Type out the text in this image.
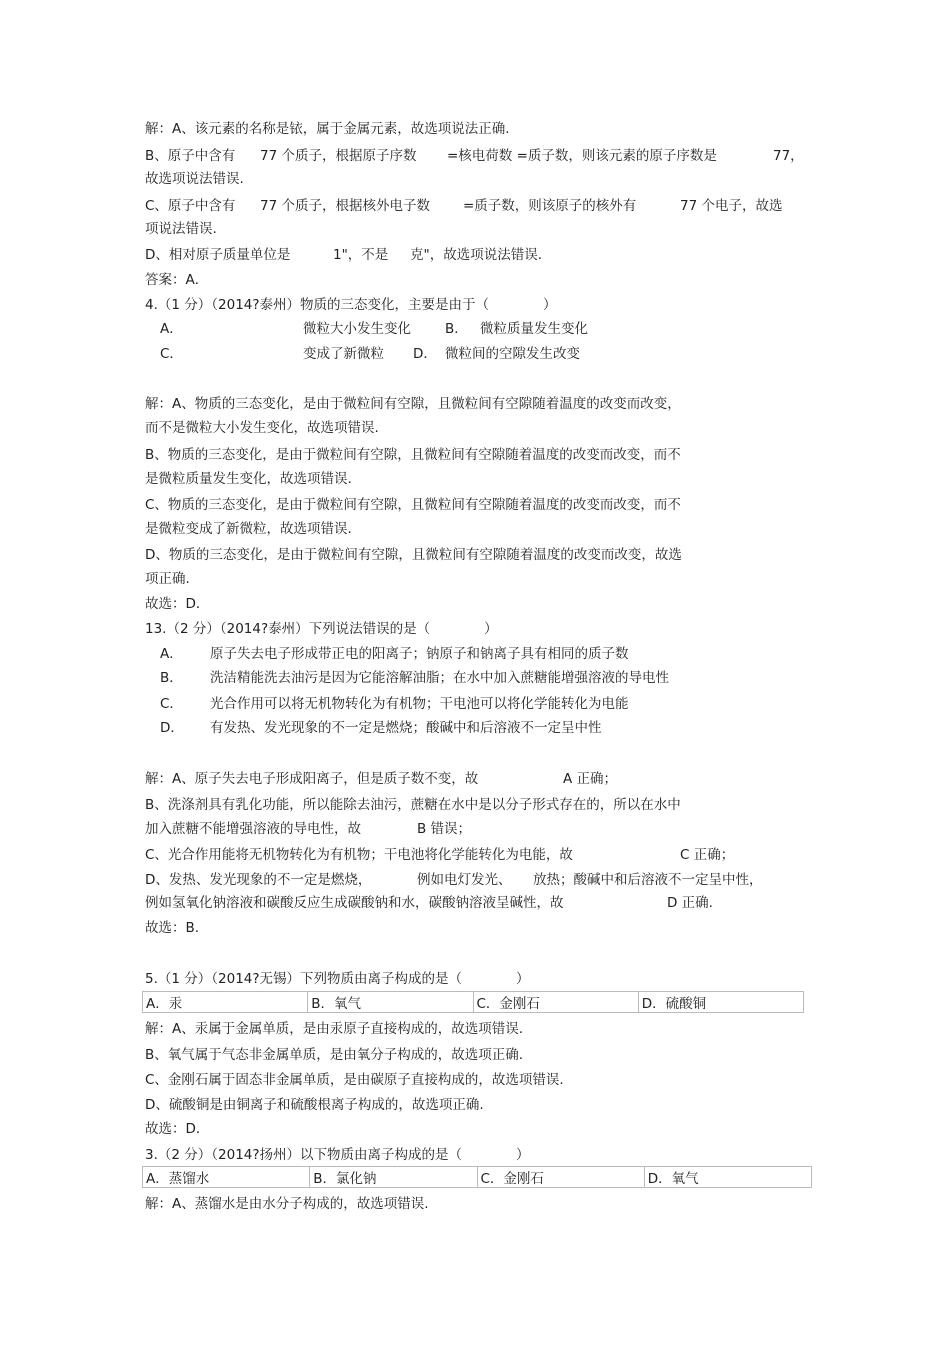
解：A、该元素的名称是铱，属于金属元素，故选项说法正确.
B、原子中含有 77 个质子，根据原子序数 =核电荷数 =质子数，则该元素的原子序数是	77，
故选项说法错误.
C、原子中含有 77 个质子，根据核外电子数 =质子数，则该原子的核外有	77 个电子，故选
项说法错误.
D、相对原子质量单位是	1"，不是 克"，故选项说法错误.
答案：A．
4.（1 分）（2014?泰州）物质的三态变化，主要是由于（　　　　）
A．	微粒大小发生变化	B． 微粒质量发生变化
C．	变成了新微粒 D． 微粒间的空隙发生改变
解：A、物质的三态变化，是由于微粒间有空隙，且微粒间有空隙随着温度的改变而改变，
而不是微粒大小发生变化，故选项错误.
B、物质的三态变化，是由于微粒间有空隙，且微粒间有空隙随着温度的改变而改变，而不
是微粒质量发生变化，故选项错误.
C、物质的三态变化，是由于微粒间有空隙，且微粒间有空隙随着温度的改变而改变，而不
是微粒变成了新微粒，故选项错误.
D、物质的三态变化，是由于微粒间有空隙，且微粒间有空隙随着温度的改变而改变，故选
项正确.
故选：D．
13.（2 分）（2014?泰州）下列说法错误的是（　　　　）
A． 原子失去电子形成带正电的阳离子；钠原子和钠离子具有相同的质子数
B． 洗洁精能洗去油污是因为它能溶解油脂；在水中加入蔗糖能增强溶液的导电性
C． 光合作用可以将无机物转化为有机物；干电池可以将化学能转化为电能
D． 有发热、发光现象的不一定是燃烧；酸碱中和后溶液不一定呈中性
解：A、原子失去电子形成阳离子，但是质子数不变，故	A 正确；
B、洗涤剂具有乳化功能，所以能除去油污，蔗糖在水中是以分子形式存在的，所以在水中
加入蔗糖不能增强溶液的导电性，故	B 错误；
C、光合作用能将无机物转化为有机物；干电池将化学能转化为电能，故	C 正确；
D、发热、发光现象的不一定是燃烧，	例如电灯发光、 放热；酸碱中和后溶液不一定呈中性，
例如氢氧化钠溶液和碳酸反应生成碳酸钠和水，碳酸钠溶液呈碱性，故	D 正确.
故选：B.
5.（1 分）（2014?无锡）下列物质由离子构成的是（　　　　）
A．汞	B．氧气	C．金刚石	D．硫酸铜
解：A、汞属于金属单质，是由汞原子直接构成的，故选项错误.
B、氧气属于气态非金属单质，是由氧分子构成的，故选项正确.
C、金刚石属于固态非金属单质，是由碳原子直接构成的，故选项错误.
D、硫酸铜是由铜离子和硫酸根离子构成的，故选项正确.
故选：D．
3.（2 分）（2014?扬州）以下物质由离子构成的是（　　　　）
A．蒸馏水	B．氯化钠	C．金刚石	D．氧气
解：A、蒸馏水是由水分子构成的，故选项错误.
